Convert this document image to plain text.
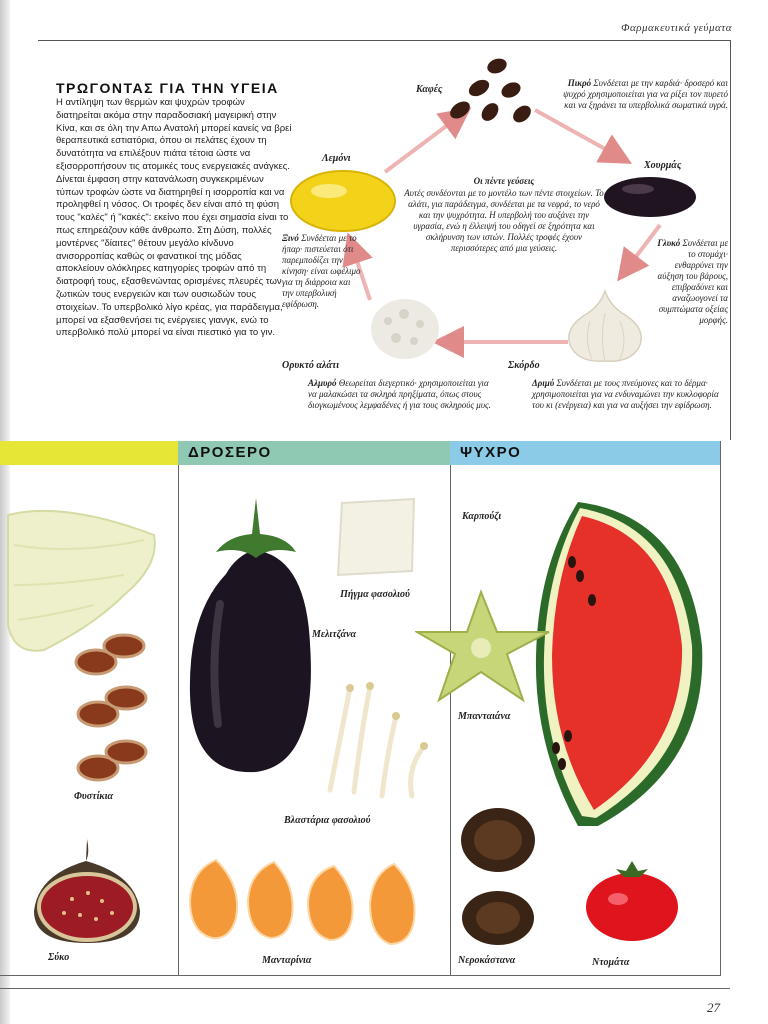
Φαρμακευτικά γεύματα
ΤΡΩΓΟΝΤΑΣ ΓΙΑ ΤΗΝ ΥΓΕΙΑ
Η αντίληψη των θερμών και ψυχρών τροφών διατηρείται ακόμα στην παραδοσιακή μαγειρική στην Κίνα, και σε όλη την Απω Ανατολή μπορεί κανείς να βρεί θεραπευτικά εστιατόρια, όπου οι πελάτες έχουν τη δυνατότητα να επιλέξουν πιάτα τέτοια ώστε να εξισορροπήσουν τις ατομικές τους ενεργειακές ανάγκες. Δίνεται έμφαση στην κατανάλωση συγκεκριμένων τύπων τροφών ώστε να διατηρηθεί η ισορροπία και να προληφθεί η νόσος. Οι τροφές δεν είναι από τη φύση τους "καλές" ή "κακές": εκείνο που έχει σημασία είναι το πως επηρεάζουν κάθε άνθρωπο. Στη Δύση, πολλές μοντέρνες "δίαιτες" θέτουν μεγάλο κίνδυνο ανισορροπίας καθώς οι φανατικοί της μόδας αποκλείουν ολόκληρες κατηγορίες τροφών από τη διατροφή τους, εξασθενώντας ορισμένες πλευρές των ζωτικών τους ενεργειών και των ουσιωδών τους στοιχείων. Το υπερβολικό λίγο κρέας, για παράδειγμα, μπορεί να εξασθενήσει τις ενέργειες γιανγκ, ενώ το υπερβολικό πολύ μπορεί να είναι πιεστικό για το γιν.
Καφές
Πικρό Συνδέεται με την καρδιά· δροσερό και ψυχρό χρησιμοποιείται για να ρίξει τον πυρετό και να ξηράνει τα υπερβολικά σωματικά υγρά.
Λεμόνι
Οι πέντε γεύσεις
Αυτές συνδέονται με το μοντέλο των πέντε στοιχείων. Το αλάτι, για παράδειγμα, συνδέεται με τα νεφρά, το νερό και την ψυχρότητα. Η υπερβολή του αυξάνει την υγρασία, ενώ η έλλειψή του οδηγεί σε ξηρότητα και σκλήρυνση των ιστών. Πολλές τροφές έχουν περισσότερες από μια γεύσεις.
Χουρμάς
Γλυκό Συνδέεται με το στομάχι· ενθαρρύνει την αύξηση του βάρους, επιβραδύνει και αναζωογονεί τα συμπτώματα οξείας μορφής.
Ξινό Συνδέεται με το ήπαρ· πιστεύεται ότι παρεμποδίζει την κίνηση· είναι ωφέλιμο για τη διάρροια και την υπερβολική εφίδρωση.
Ορυκτό αλάτι	Σκόρδο
Αλμυρό Θεωρείται διεγερτικό· χρησιμοποιείται για να μαλακώσει τα σκληρά πρηξίματα, όπως στους διογκωμένους λεμφαδένες ή για τους σκληρούς μυς.
Δριμύ Συνδέεται με τους πνεύμονες και το δέρμα· χρησιμοποιείται για να ενδυναμώνει την κυκλοφορία του κι (ενέργεια) και για να αυξήσει την εφίδρωση.
ΔΡΟΣΕΡΟ	ΨΥΧΡΟ
Φυστίκια
Σύκο
Πήγμα φασολιού
Μελιτζάνα
Βλαστάρια φασολιού
Μανταρίνια
Καρπούζι
Μπανταιάνα
Νεροκάστανα	Ντομάτα
27
